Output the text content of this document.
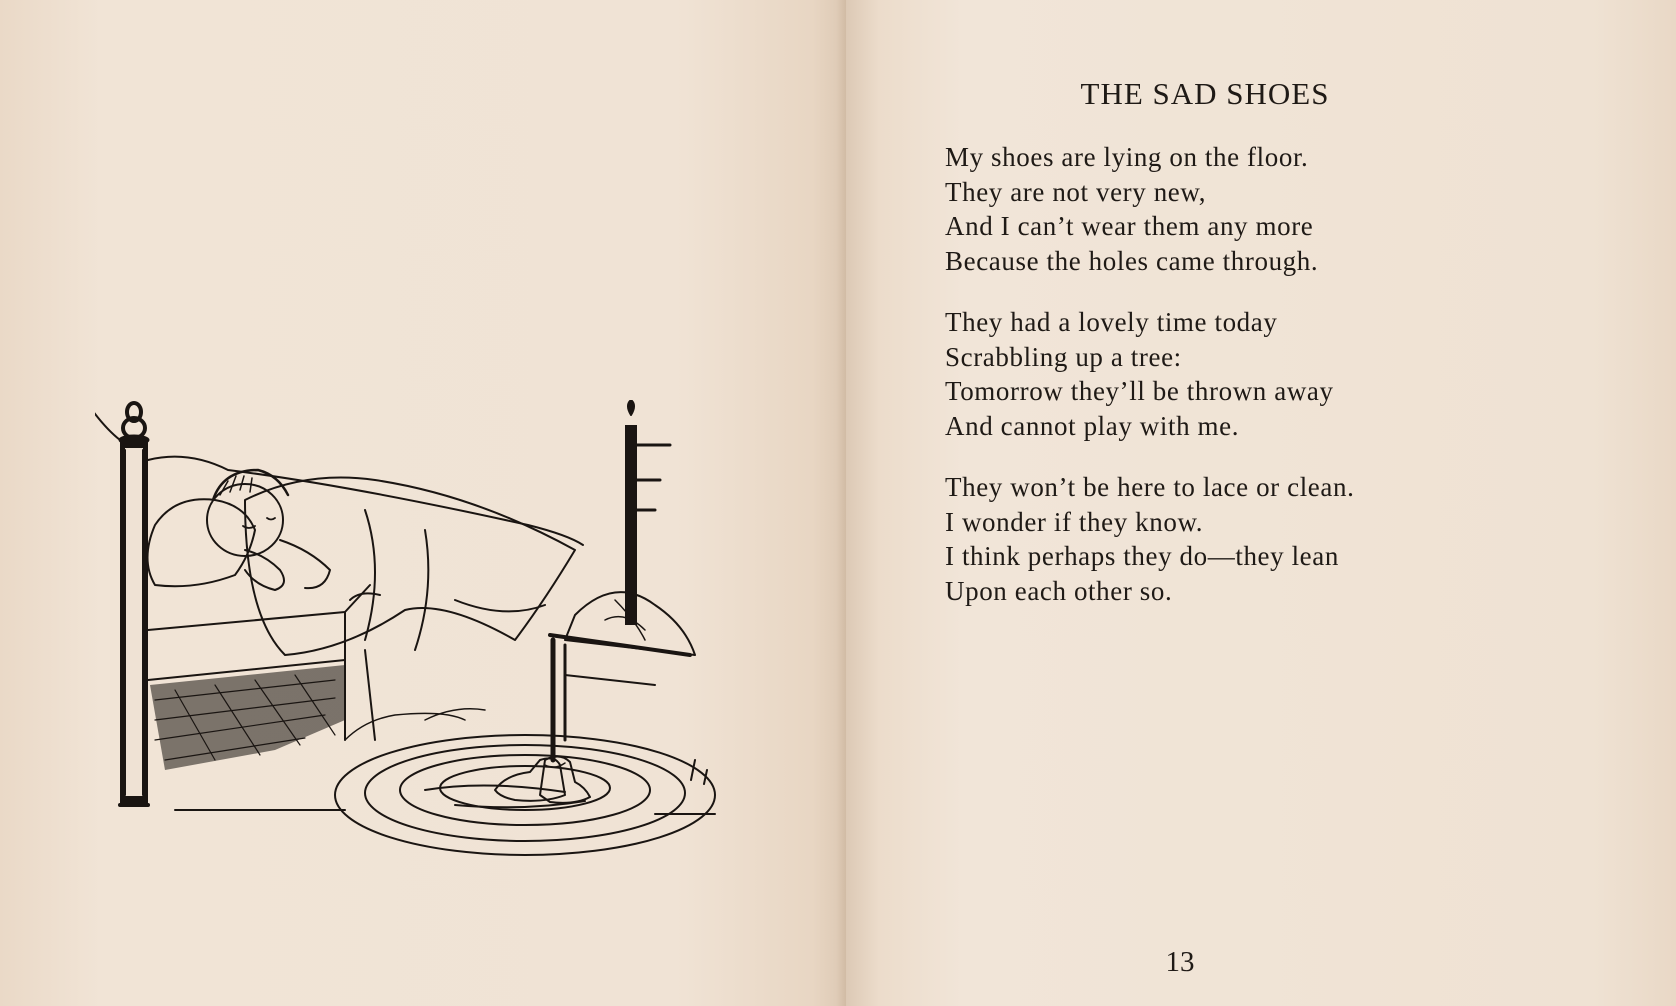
THE SAD SHOES
My shoes are lying on the floor.
They are not very new,
And I can’t wear them any more
Because the holes came through.
They had a lovely time today
Scrabbling up a tree:
Tomorrow they’ll be thrown away
And cannot play with me.
They won’t be here to lace or clean.
I wonder if they know.
I think perhaps they do—they lean
Upon each other so.
13
